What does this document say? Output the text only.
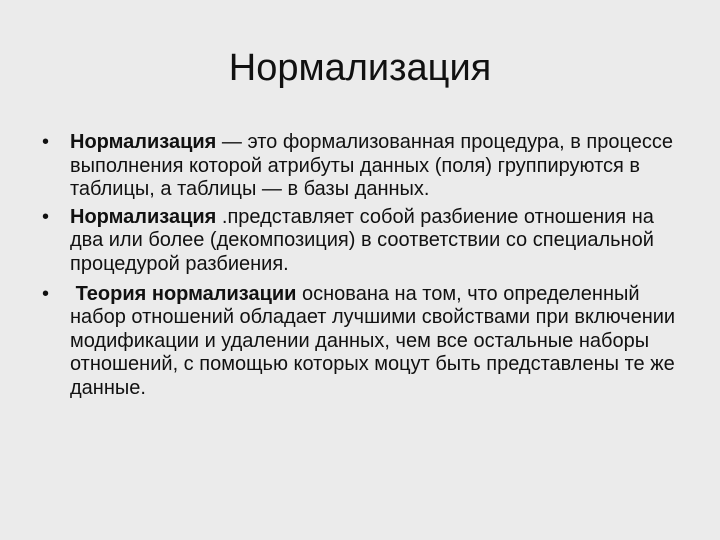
Нормализация
•	Нормализация — это формализованная процедура, в процессе выполнения которой атрибуты данных (поля) группируются в таблицы, а таблицы — в базы данных.
•	Нормализация .представляет собой разбиение отношения на два или более (декомпозиция) в соответствии со специальной процедурой разбиения.
•	Теория нормализации основана на том, что определенный набор отношений обладает лучшими свойствами при включении модификации и удалении данных, чем все остальные наборы отношений, с помощью которых моцут быть представлены те же данные.
